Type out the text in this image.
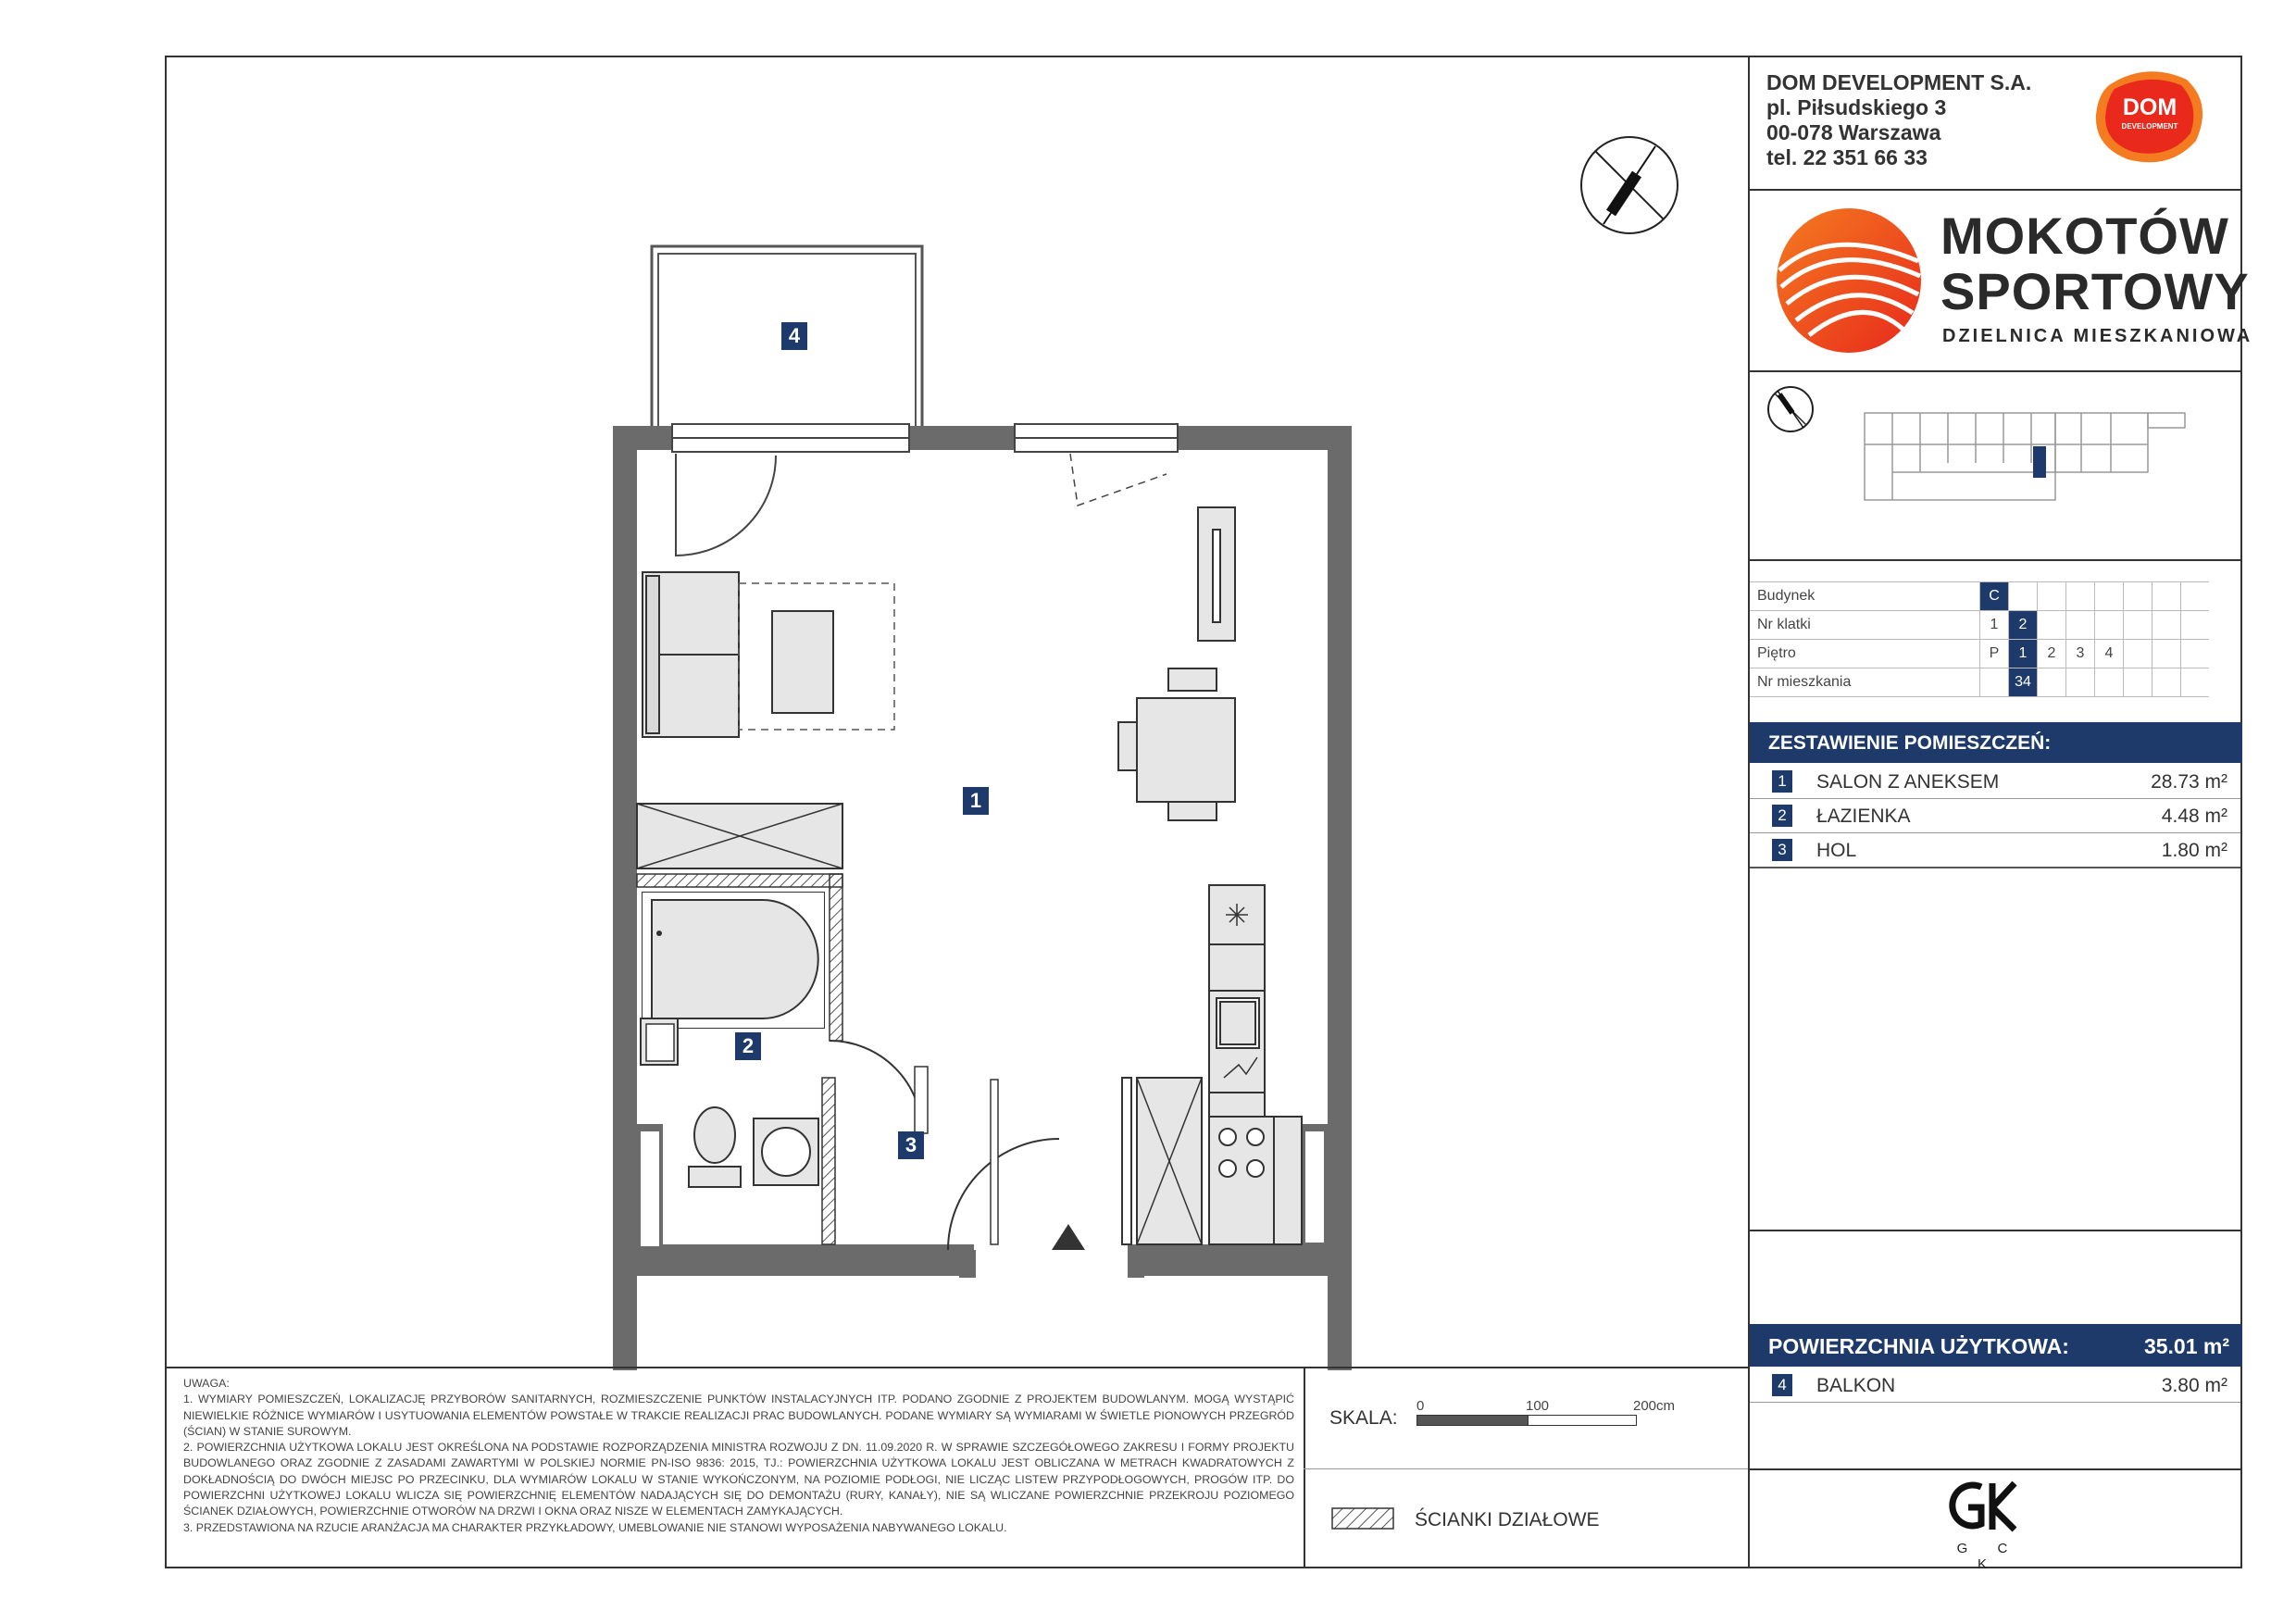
1
2
3
4

UWAGA:

1. WYMIARY POMIESZCZEŃ, LOKALIZACJĘ PRZYBORÓW SANITARNYCH, ROZMIESZCZENIE PUNKTÓW INSTALACYJNYCH ITP. PODANO ZGODNIE Z PROJEKTEM BUDOWLANYM. MOGĄ WYSTĄPIĆ NIEWIELKIE RÓŻNICE WYMIARÓW I USYTUOWANIA ELEMENTÓW POWSTAŁE W TRAKCIE REALIZACJI PRAC BUDOWLANYCH. PODANE WYMIARY SĄ WYMIARAMI W ŚWIETLE PIONOWYCH PRZEGRÓD (ŚCIAN) W STANIE SUROWYM.

2. POWIERZCHNIA UŻYTKOWA LOKALU JEST OKREŚLONA NA PODSTAWIE ROZPORZĄDZENIA MINISTRA ROZWOJU Z DN. 11.09.2020 R. W SPRAWIE SZCZEGÓŁOWEGO ZAKRESU I FORMY PROJEKTU BUDOWLANEGO ORAZ ZGODNIE Z ZASADAMI ZAWARTYMI W POLSKIEJ NORMIE PN-ISO 9836: 2015, TJ.: POWIERZCHNIA UŻYTKOWA LOKALU JEST OBLICZANA W METRACH KWADRATOWYCH Z DOKŁADNOŚCIĄ DO DWÓCH MIEJSC PO PRZECINKU, DLA WYMIARÓW LOKALU W STANIE WYKOŃCZONYM, NA POZIOMIE PODŁOGI, NIE LICZĄC LISTEW PRZYPODŁOGOWYCH, PROGÓW ITP. DO POWIERZCHNI UŻYTKOWEJ LOKALU WLICZA SIĘ POWIERZCHNIĘ ELEMENTÓW NADAJĄCYCH SIĘ DO DEMONTAŻU (RURY, KANAŁY), NIE SĄ WLICZANE POWIERZCHNIE PRZEKROJU POZIOMEGO ŚCIANEK DZIAŁOWYCH, POWIERZCHNIE OTWORÓW NA DRZWI I OKNA ORAZ NISZE W ELEMENTACH ZAMYKAJĄCYCH.

3. PRZEDSTAWIONA NA RZUCIE ARANŻACJA MA CHARAKTER PRZYKŁADOWY, UMEBLOWANIE NIE STANOWI WYPOSAŻENIA NABYWANEGO LOKALU.

SKALA:
0	100	200cm
ŚCIANKI DZIAŁOWE
DOM DEVELOPMENT S.A.
pl. Piłsudskiego 3
00-078 Warszawa
tel. 22 351 66 33
DOM
DEVELOPMENT
MOKOTÓW
SPORTOWY
DZIELNICA MIESZKANIOWA
Budynek	C							
Nr klatki	1	2						
Piętro	P	1	2	3	4			
Nr mieszkania		34						
ZESTAWIENIE POMIESZCZEŃ:
1 SALON Z ANEKSEM	28.73 m²
2 ŁAZIENKA	4.48 m²
3 HOL	1.80 m²
POWIERZCHNIA UŻYTKOWA:	35.01 m²
4 BALKON	3.80 m²
G C K
